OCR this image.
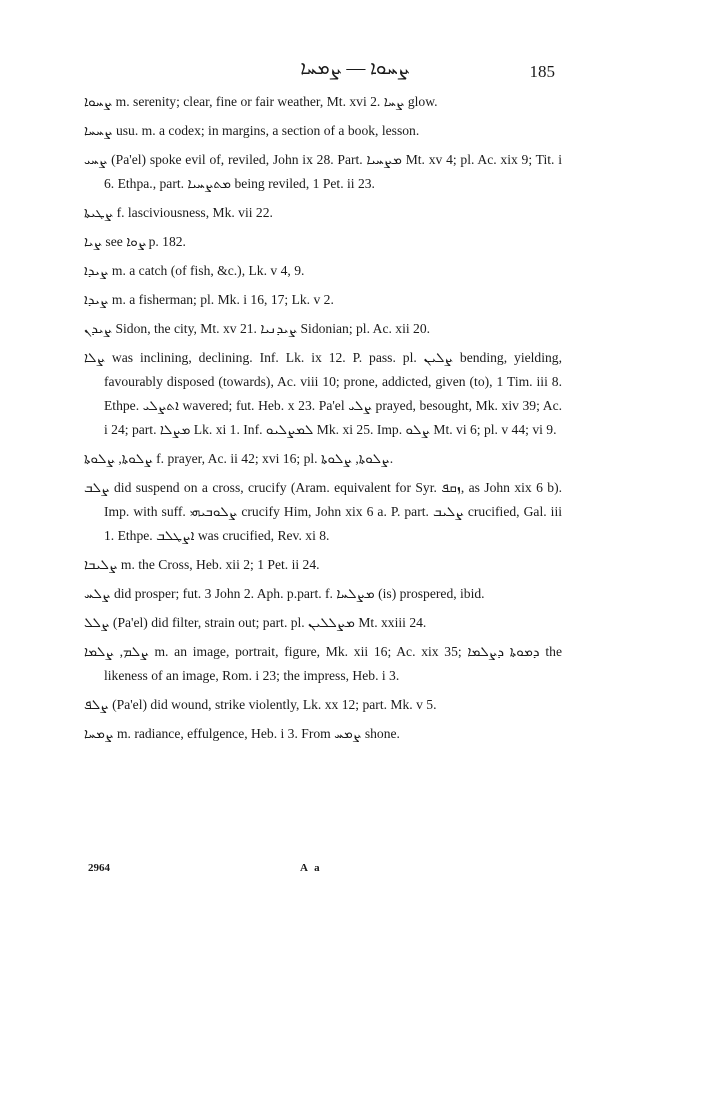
ܨܚܘܐ — ܨܡܚܐ	185

ܨܚܘܐ m. serenity; clear, fine or fair weather, Mt. xvi 2. ܨܚܐ glow.

ܨܚܚܐ usu. m. a codex; in margins, a section of a book, lesson.

ܨܚܝ (Pa'el) spoke evil of, reviled, John ix 28. Part. ܡܨܚܝܐ Mt. xv 4; pl. Ac. xix 9; Tit. i 6. Ethpa., part. ܡܬܨܚܝܐ being reviled, 1 Pet. ii 23.

ܨܛܝܬܐ f. lasciviousness, Mk. vii 22.

ܨܝܐ see ܨܘܐ p. 182.

ܨܝܕܐ m. a catch (of fish, &c.), Lk. v 4, 9.

ܨܝܕܐ m. a fisherman; pl. Mk. i 16, 17; Lk. v 2.

ܨܝܕܢ Sidon, the city, Mt. xv 21. ܨܝܕܢܝܐ Sidonian; pl. Ac. xii 20.

ܨܠܐ was inclining, declining. Inf. Lk. ix 12. P. pass. pl. ܨܠܝܢ bending, yielding, favourably disposed (towards), Ac. viii 10; prone, addicted, given (to), 1 Tim. iii 8. Ethpe. ܐܬܨܠܝ wavered; fut. Heb. x 23. Pa'el ܨܠܝ prayed, besought, Mk. xiv 39; Ac. i 24; part. ܡܨܠܐ Lk. xi 1. Inf. ܠܡܨܠܝܘ Mk. xi 25. Imp. ܨܠܘ Mt. vi 6; pl. v 44; vi 9.

ܨܠܘܬܐ, ܨܠܘܬܐ f. prayer, Ac. ii 42; xvi 16; pl. ܨܠܘܬܐ, ܨܠܘܬܐ.

ܨܠܒ did suspend on a cross, crucify (Aram. equivalent for Syr. ܙܩܦ, as John xix 6 b). Imp. with suff. ܨܠܘܒܝܗܝ crucify Him, John xix 6 a. P. part. ܨܠܝܒ crucified, Gal. iii 1. Ethpe. ܐܨܛܠܒ was crucified, Rev. xi 8.

ܨܠܝܒܐ m. the Cross, Heb. xii 2; 1 Pet. ii 24.

ܨܠܚ did prosper; fut. 3 John 2. Aph. p.part. f. ܡܨܠܚܐ (is) prospered, ibid.

ܨܠܠ (Pa'el) did filter, strain out; part. pl. ܡܨܠܠܝܢ Mt. xxiii 24.

ܨܠܡ, ܨܠܡܐ m. an image, portrait, figure, Mk. xii 16; Ac. xix 35; ܕܡܘܬܐ ܕܨܠܡܐ the likeness of an image, Rom. i 23; the impress, Heb. i 3.

ܨܠܦ (Pa'el) did wound, strike violently, Lk. xx 12; part. Mk. v 5.

ܨܡܚܐ m. radiance, effulgence, Heb. i 3. From ܨܡܚ shone.

2964	A a
